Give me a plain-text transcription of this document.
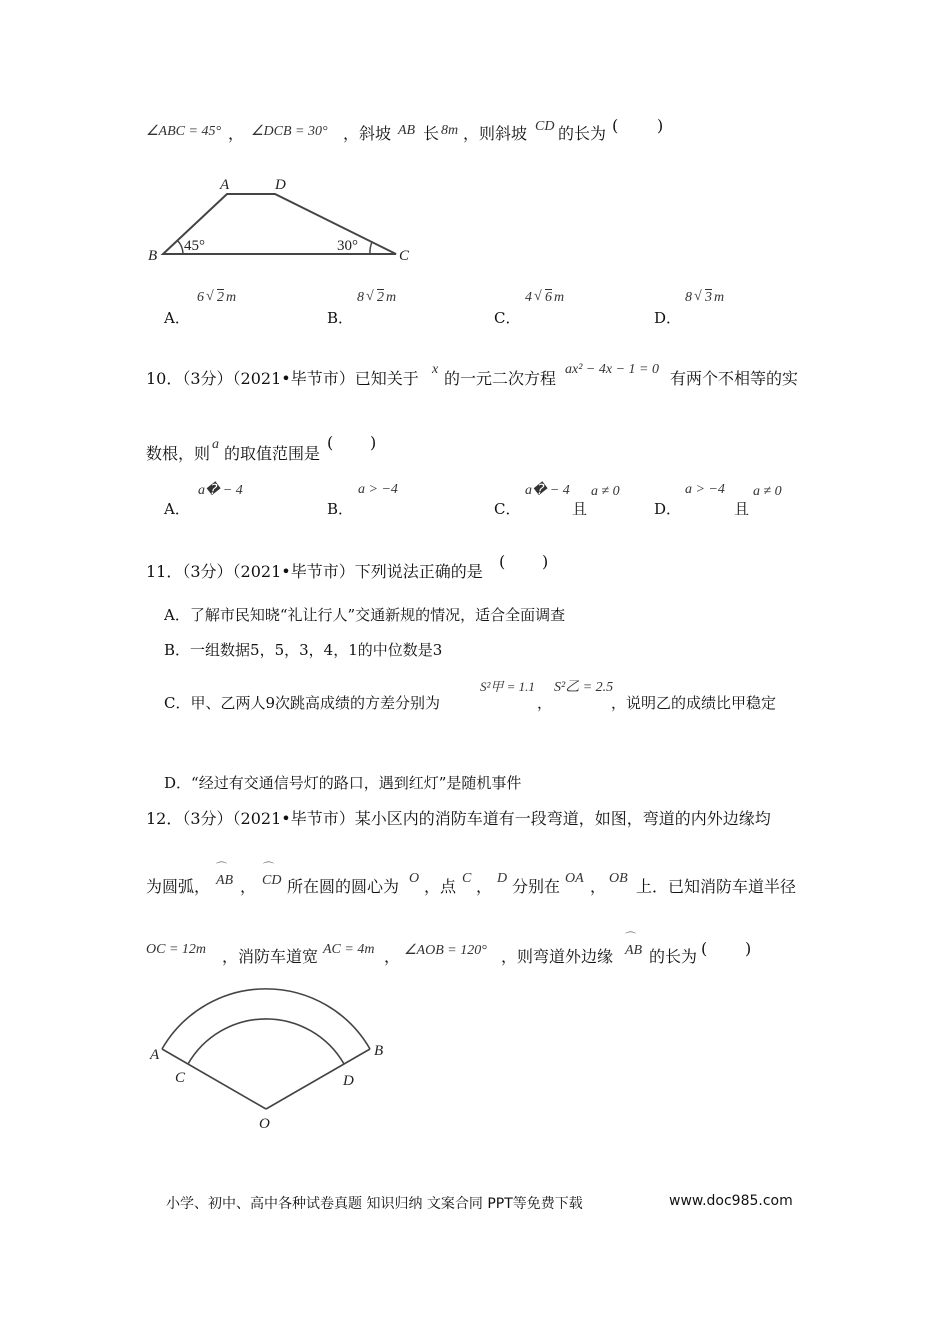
∠ABC = 45° ， ∠DCB = 30° ，斜坡 AB 长 8m ，则斜坡 CD 的长为 ( )
A	D
B	C
45°	30°
A．
6 √ 2 m
B．
8 √ 2 m
C．
4 √ 6 m
D．
8 √ 3 m
10．（3分）（2021•毕节市）已知关于 x 的一元二次方程 ax² − 4x − 1 = 0 有两个不相等的实
数根，则 a 的取值范围是
( )
A．
a� − 4
B．
a > −4
C．
a� − 4
且
a ≠ 0
D．
a > −4
且
a ≠ 0
11．（3分）（2021•毕节市）下列说法正确的是
( )
A．了解市民知晓“礼让行人”交通新规的情况，适合全面调查
B．一组数据5，5，3，4，1的中位数是3
C．甲、乙两人9次跳高成绩的方差分别为
S²甲 = 1.1
，
S²乙 = 2.5
，说明乙的成绩比甲稳定
D．“经过有交通信号灯的路口，遇到红灯”是随机事件
12．（3分）（2021•毕节市）某小区内的消防车道有一段弯道，如图，弯道的内外边缘均
为圆弧， AB
⌒
， CD
⌒
所在圆的圆心为 O ，点 C ， D 分别在 OA ， OB 上．已知消防车道半径
OC = 12m ，消防车道宽 AC = 4m ， ∠AOB = 120° ，则弯道外边缘 AB
⌒
的长为 ( )
A	B
C	D
O
小学、初中、高中各种试卷真题 知识归纳 文案合同 PPT等免费下载	www.doc985.com
